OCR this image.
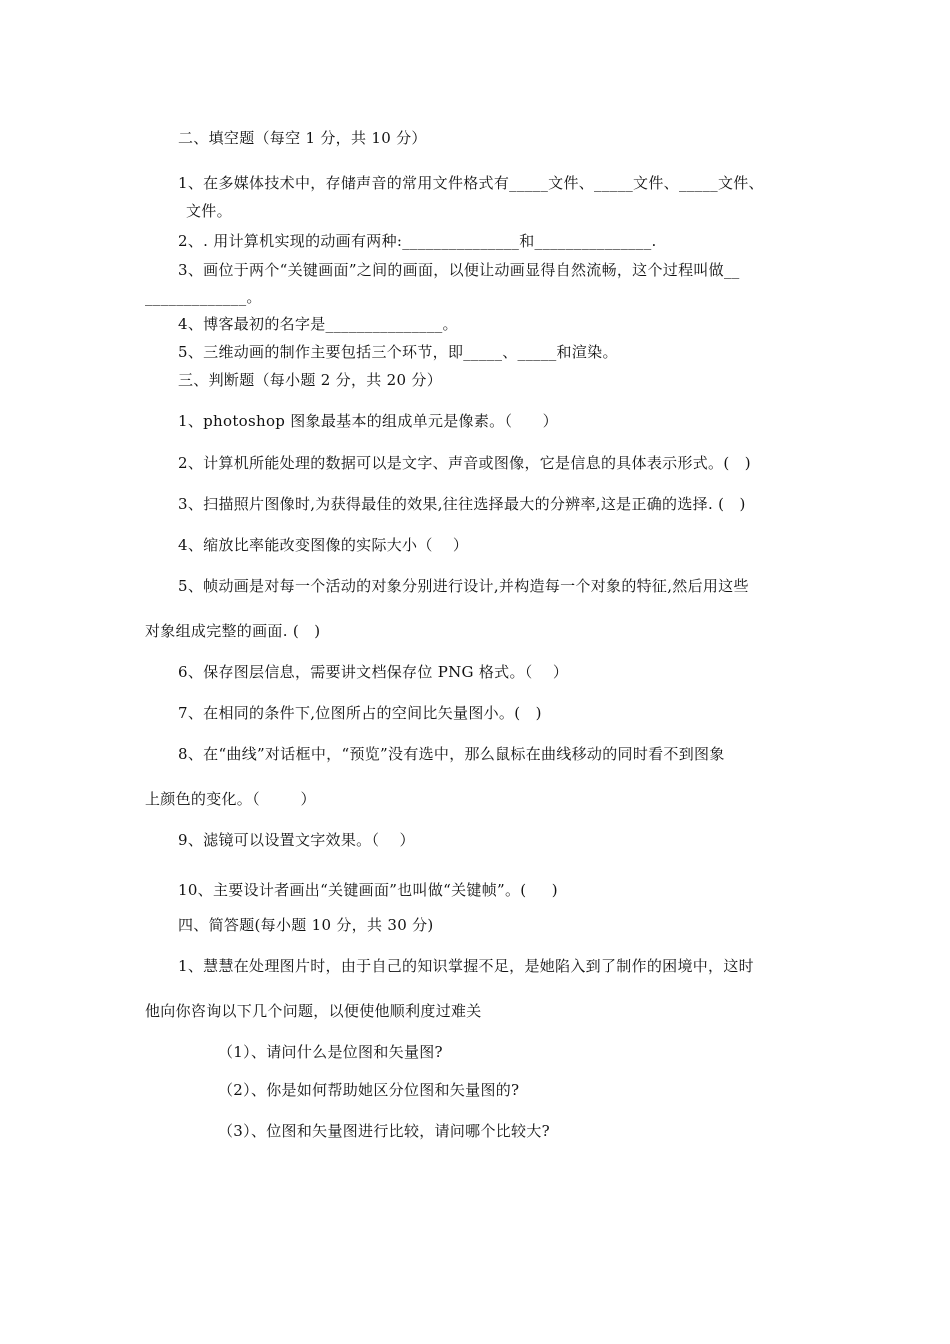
二、填空题（每空 1 分，共 10 分）
1、在多媒体技术中，存储声音的常用文件格式有_____文件、_____文件、_____文件、
文件。
2、. 用计算机实现的动画有两种:_______________和_______________.
3、画位于两个“关键画面”之间的画面，以便让动画显得自然流畅，这个过程叫做__
_____________。
4、博客最初的名字是_______________。
5、三维动画的制作主要包括三个环节，即_____、_____和渲染。
三、判断题（每小题 2 分，共 20 分）
1、photoshop 图象最基本的组成单元是像素。（      ）
2、计算机所能处理的数据可以是文字、声音或图像，它是信息的具体表示形式。(   )
3、扫描照片图像时,为获得最佳的效果,往往选择最大的分辨率,这是正确的选择. (   )
4、缩放比率能改变图像的实际大小（    ）
5、帧动画是对每一个活动的对象分别进行设计,并构造每一个对象的特征,然后用这些
对象组成完整的画面. (   )
6、保存图层信息，需要讲文档保存位 PNG 格式。（    ）
7、在相同的条件下,位图所占的空间比矢量图小。(   )
8、在“曲线”对话框中，“预览”没有选中，那么鼠标在曲线移动的同时看不到图象
上颜色的变化。（        ）
9、滤镜可以设置文字效果。（    ）
10、主要设计者画出“关键画面”也叫做“关键帧”。(     )
四、简答题(每小题 10 分，共 30 分)
1、慧慧在处理图片时，由于自己的知识掌握不足，是她陷入到了制作的困境中，这时
他向你咨询以下几个问题，以便使他顺利度过难关
（1）、请问什么是位图和矢量图?
（2）、你是如何帮助她区分位图和矢量图的?
（3）、位图和矢量图进行比较，请问哪个比较大?
